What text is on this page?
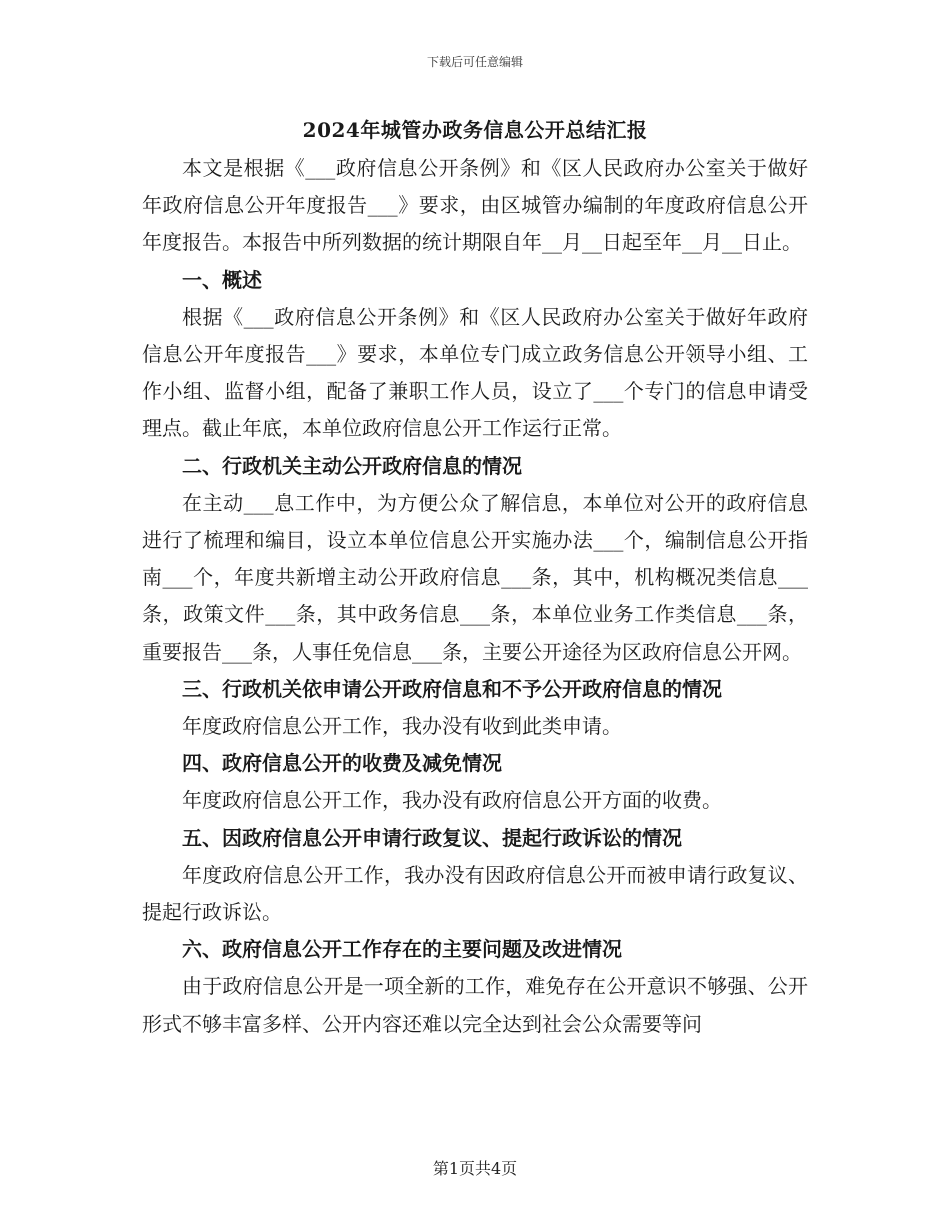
下载后可任意编辑
2024年城管办政务信息公开总结汇报

本文是根据《___政府信息公开条例》和《区人民政府办公室关于做好年政府信息公开年度报告___》要求，由区城管办编制的年度政府信息公开年度报告。本报告中所列数据的统计期限自年__月__日起至年__月__日止。

一、概述

根据《___政府信息公开条例》和《区人民政府办公室关于做好年政府信息公开年度报告___》要求，本单位专门成立政务信息公开领导小组、工作小组、监督小组，配备了兼职工作人员，设立了___个专门的信息申请受理点。截止年底，本单位政府信息公开工作运行正常。

二、行政机关主动公开政府信息的情况

在主动___息工作中，为方便公众了解信息，本单位对公开的政府信息进行了梳理和编目，设立本单位信息公开实施办法___个，编制信息公开指南___个，年度共新增主动公开政府信息___条，其中，机构概况类信息___条，政策文件___条，其中政务信息___条，本单位业务工作类信息___条，重要报告___条，人事任免信息___条，主要公开途径为区政府信息公开网。

三、行政机关依申请公开政府信息和不予公开政府信息的情况

年度政府信息公开工作，我办没有收到此类申请。

四、政府信息公开的收费及减免情况

年度政府信息公开工作，我办没有政府信息公开方面的收费。

五、因政府信息公开申请行政复议、提起行政诉讼的情况

年度政府信息公开工作，我办没有因政府信息公开而被申请行政复议、提起行政诉讼。

六、政府信息公开工作存在的主要问题及改进情况

由于政府信息公开是一项全新的工作，难免存在公开意识不够强、公开形式不够丰富多样、公开内容还难以完全达到社会公众需要等问

第1页共4页
